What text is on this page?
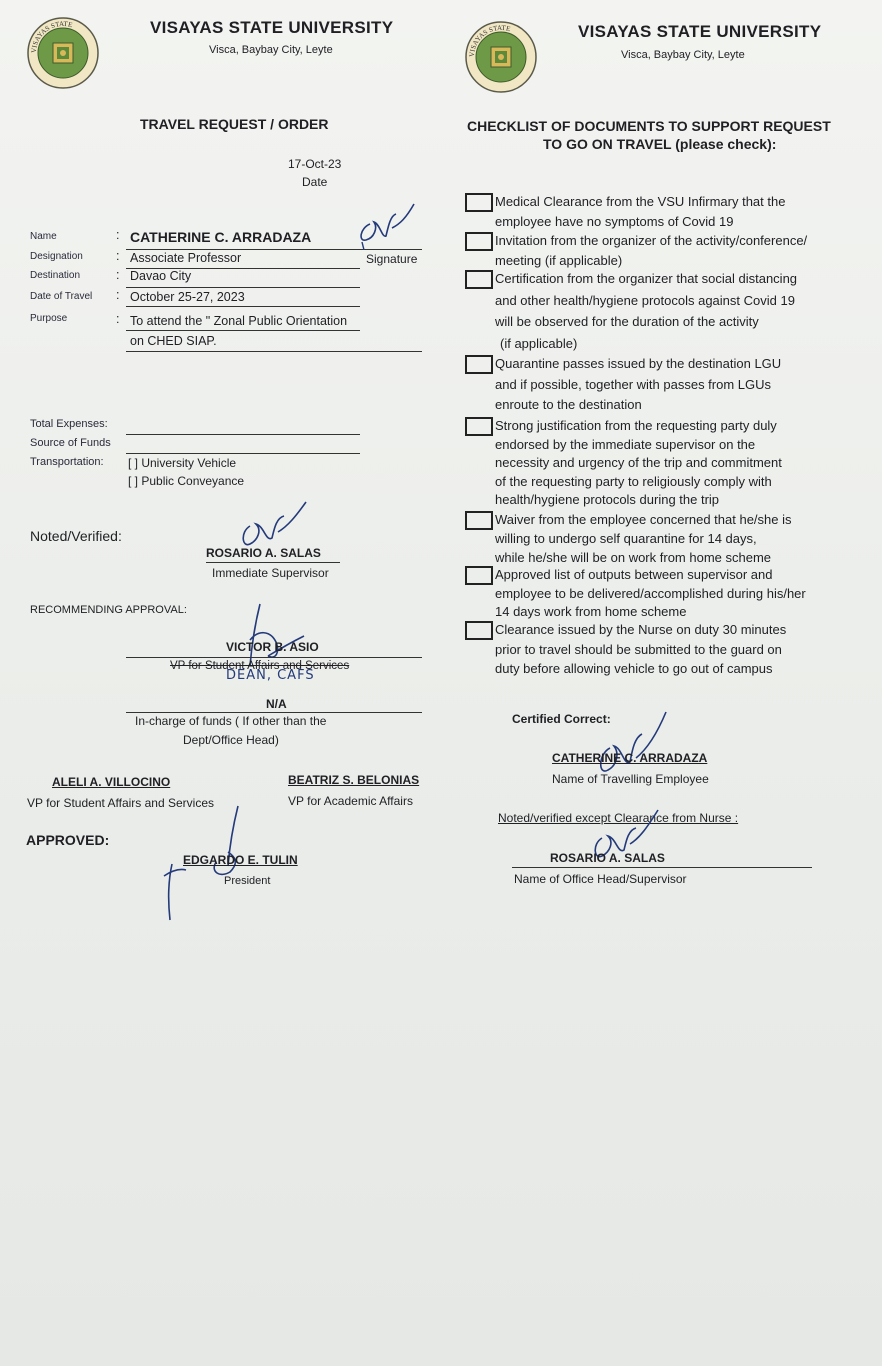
VISAYAS STATE	VISAYAS STATE UNIVERSITY
Visca, Baybay City, Leyte
TRAVEL REQUEST / ORDER
17-Oct-23
Date
Name	: CATHERINE C. ARRADAZA
Designation	: Associate Professor	Signature
Destination	: Davao City
Date of Travel : October 25-27, 2023
Purpose	: To attend the " Zonal Public Orientation
on CHED SIAP.
Total Expenses:
Source of Funds
Transportation: [ ] University Vehicle
[ ] Public Conveyance
Noted/Verified:
ROSARIO A. SALAS
Immediate Supervisor
RECOMMENDING APPROVAL:
VICTOR B. ASIO
VP for Student Affairs and Services
DEAN, CAFS
N/A
In-charge of funds ( If other than the
Dept/Office Head)
ALELI A. VILLOCINO
VP for Student Affairs and Services
BEATRIZ S. BELONIAS
VP for Academic Affairs
APPROVED:
EDGARDO E. TULIN
President
VISAYAS STATE	VISAYAS STATE UNIVERSITY
Visca, Baybay City, Leyte
CHECKLIST OF DOCUMENTS TO SUPPORT REQUEST
TO GO ON TRAVEL (please check):
Medical Clearance from the VSU Infirmary that the
employee have no symptoms of Covid 19
Invitation from the organizer of the activity/conference/
meeting (if applicable)
Certification from the organizer that social distancing
and other health/hygiene protocols against Covid 19
will be observed for the duration of the activity
(if applicable)
Quarantine passes issued by the destination LGU
and if possible, together with passes from LGUs
enroute to the destination
Strong justification from the requesting party duly
endorsed by the immediate supervisor on the
necessity and urgency of the trip and commitment
of the requesting party to religiously comply with
health/hygiene protocols during the trip
Waiver from the employee concerned that he/she is
willing to undergo self quarantine for 14 days,
while he/she will be on work from home scheme
Approved list of outputs between supervisor and
employee to be delivered/accomplished during his/her
14 days work from home scheme
Clearance issued by the Nurse on duty 30 minutes
prior to travel should be submitted to the guard on
duty before allowing vehicle to go out of campus
Certified Correct:
CATHERINE C. ARRADAZA
Name of Travelling Employee
Noted/verified except Clearance from Nurse :
ROSARIO A. SALAS
Name of Office Head/Supervisor
